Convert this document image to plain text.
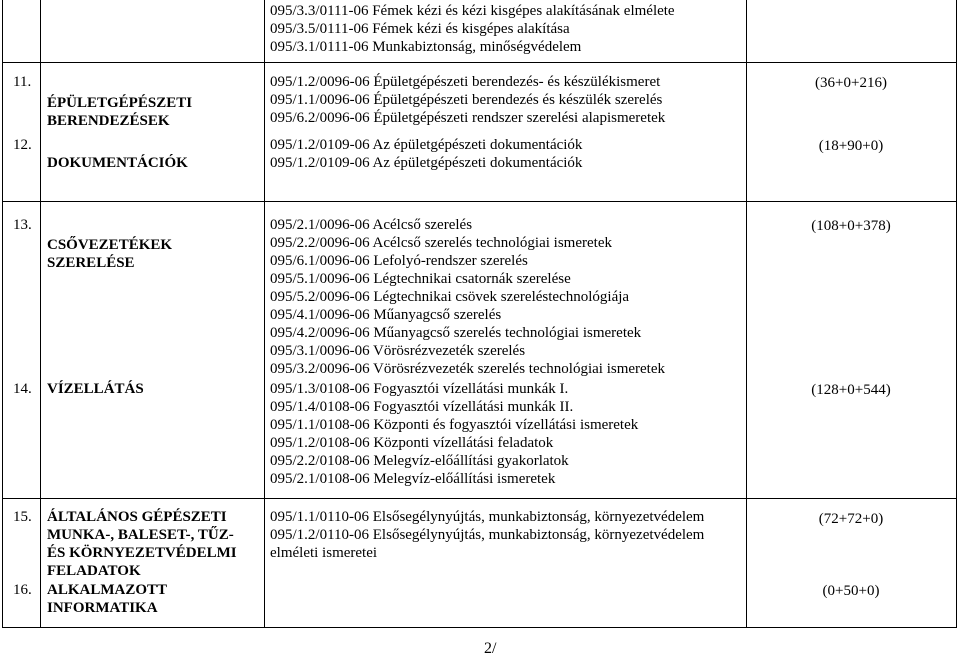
095/3.3/0111-06 Fémek kézi és kézi kisgépes alakításának elmélete
095/3.5/0111-06 Fémek kézi és kisgépes alakítása
095/3.1/0111-06 Munkabiztonság, minőségvédelem
11.
ÉPÜLETGÉPÉSZETI
BERENDEZÉSEK
095/1.2/0096-06 Épületgépészeti berendezés- és készülékismeret
095/1.1/0096-06 Épületgépészeti berendezés és készülék szerelés
095/6.2/0096-06 Épületgépészeti rendszer szerelési alapismeretek
(36+0+216)
12.
DOKUMENTÁCIÓK
095/1.2/0109-06 Az épületgépészeti dokumentációk
095/1.2/0109-06 Az épületgépészeti dokumentációk
(18+90+0)
13.
CSŐVEZETÉKEK
SZERELÉSE
095/2.1/0096-06 Acélcső szerelés
095/2.2/0096-06 Acélcső szerelés technológiai ismeretek
095/6.1/0096-06 Lefolyó-rendszer szerelés
095/5.1/0096-06 Légtechnikai csatornák szerelése
095/5.2/0096-06 Légtechnikai csövek szereléstechnológiája
095/4.1/0096-06 Műanyagcső szerelés
095/4.2/0096-06 Műanyagcső szerelés technológiai ismeretek
095/3.1/0096-06 Vörösrézvezeték szerelés
095/3.2/0096-06 Vörösrézvezeték szerelés technológiai ismeretek
(108+0+378)
14. VÍZELLÁTÁS	095/1.3/0108-06 Fogyasztói vízellátási munkák I.
095/1.4/0108-06 Fogyasztói vízellátási munkák II.
095/1.1/0108-06 Központi és fogyasztói vízellátási ismeretek
095/1.2/0108-06 Központi vízellátási feladatok
095/2.2/0108-06 Melegvíz-előállítási gyakorlatok
095/2.1/0108-06 Melegvíz-előállítási ismeretek
(128+0+544)
15. ÁLTALÁNOS GÉPÉSZETI
MUNKA-, BALESET-, TŰZ-
ÉS KÖRNYEZETVÉDELMI
FELADATOK
095/1.1/0110-06 Elsősegélynyújtás, munkabiztonság, környezetvédelem
095/1.2/0110-06 Elsősegélynyújtás, munkabiztonság, környezetvédelem
elméleti ismeretei
(72+72+0)
16. ALKALMAZOTT
INFORMATIKA
(0+50+0)
2/
